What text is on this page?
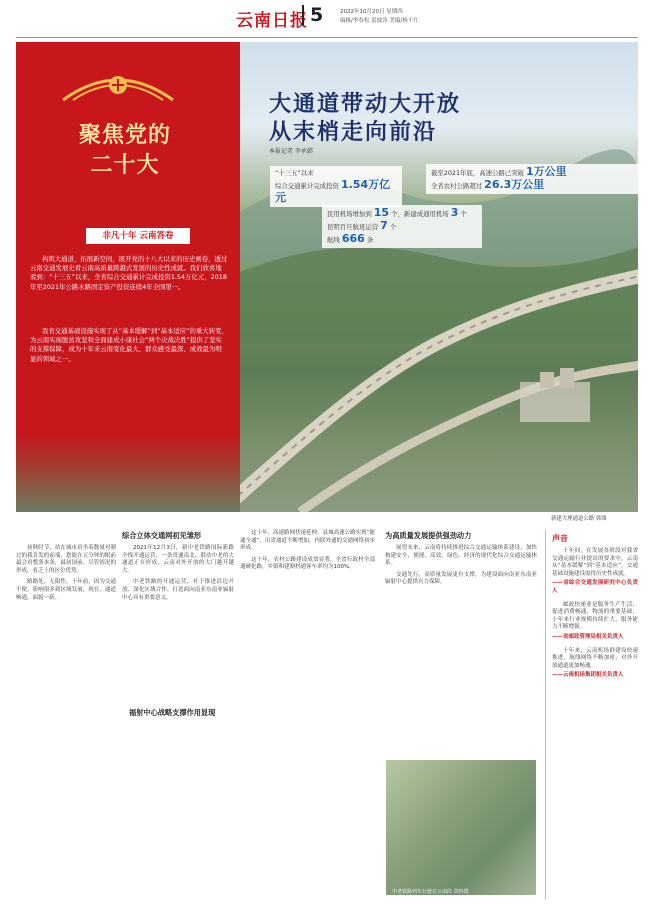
云南日报 5	2022年10月20日 星期四
编辑/李春松 雷波涛 美编/杨千红
聚焦党的
二十大
非凡十年 云南答卷
构筑大通道，拓展新空间，展开党的十八大以来的历史画卷，透过云南交通发展史看云南高质量跨越式发展的历史性成就。我们欣喜地看到：“十三五”以来，全省综合交通累计完成投资1.54万亿元，2018年至2021年公路水路固定资产投资连续4年全国第一。
我省交通基础设施实现了从“基本缓解”到“基本适应”的重大转变，为云南实现脱贫攻坚和全面建成小康社会“两个决战决胜”提供了坚实的支撑保障，成为十年来云南变化最大、群众感受最深、成效最为明显的领域之一。
大通道带动大开放
从末梢走向前沿
本报记者 李承韩
“十三五”以来
综合交通累计完成投资 1.54万亿元
截至2021年底，高速公路已突破 1万公里
全省农村公路超过 26.3万公里
民用机场增加到 15 个，新建成通用机场 3 个
昆明百旦航班运营 7 个
航线 666 条
新建大理通道公路 韩图
综合立体交通网初见雏形
福射中心战略支撑作用显现
为高质量发展提供强劲动力

初秋时节，站在城市肩坐着数量对制过的我肯发的前端，您能在五分钟的眼前最会看整条本条，最初国前、尽管情况的形成，看乏上的区位优势。

路路处，无限性，十年前，因为交通不便，影响很多到区域发展，现在，通道畅通，面貌一新。

2021年12月3日，新中老铁路国际新路全线开通运营，一条贯通南北、联动中老的大通道正在形成，云南对外开放的大门越开越大。

中老铁路的开通运营，对于推进沿边开放、深化区域合作、打造面向南亚东南亚辐射中心具有重要意义。

这十年，高速路网快速延伸，县城高速公路实现“能通全通”，出省通道不断增加，内联外通的交通网络初步形成。

这十年，农村公路建设成效显著，全省行政村全部通硬化路，乡镇和建制村通客车率均为100%。

展望未来，云南将持续推进综合交通运输体系建设，加快构建安全、便捷、高效、绿色、经济的现代化综合交通运输体系。

交通先行，高质量发展更有支撑，为建设面向南亚东南亚辐射中心提供有力保障。

中老铁路列车行驶在云南段 资料图
声音

十年间，在发展各阶段对我省交通运输行业提出的要求中，云南从“基本缓解”到“基本适应”，交通基础设施建设取得历史性成就。

——省综合交通发展研究中心负责人

邮政快递业是服务生产生活、促进消费畅通、物流的重要基础，十年来行业规模持续扩大，服务能力不断增强。

——省邮政管理局相关负责人

十年来，云南机场群建设快速推进，航线网络不断加密，对外开放通道更加畅通。

——云南机场集团相关负责人
